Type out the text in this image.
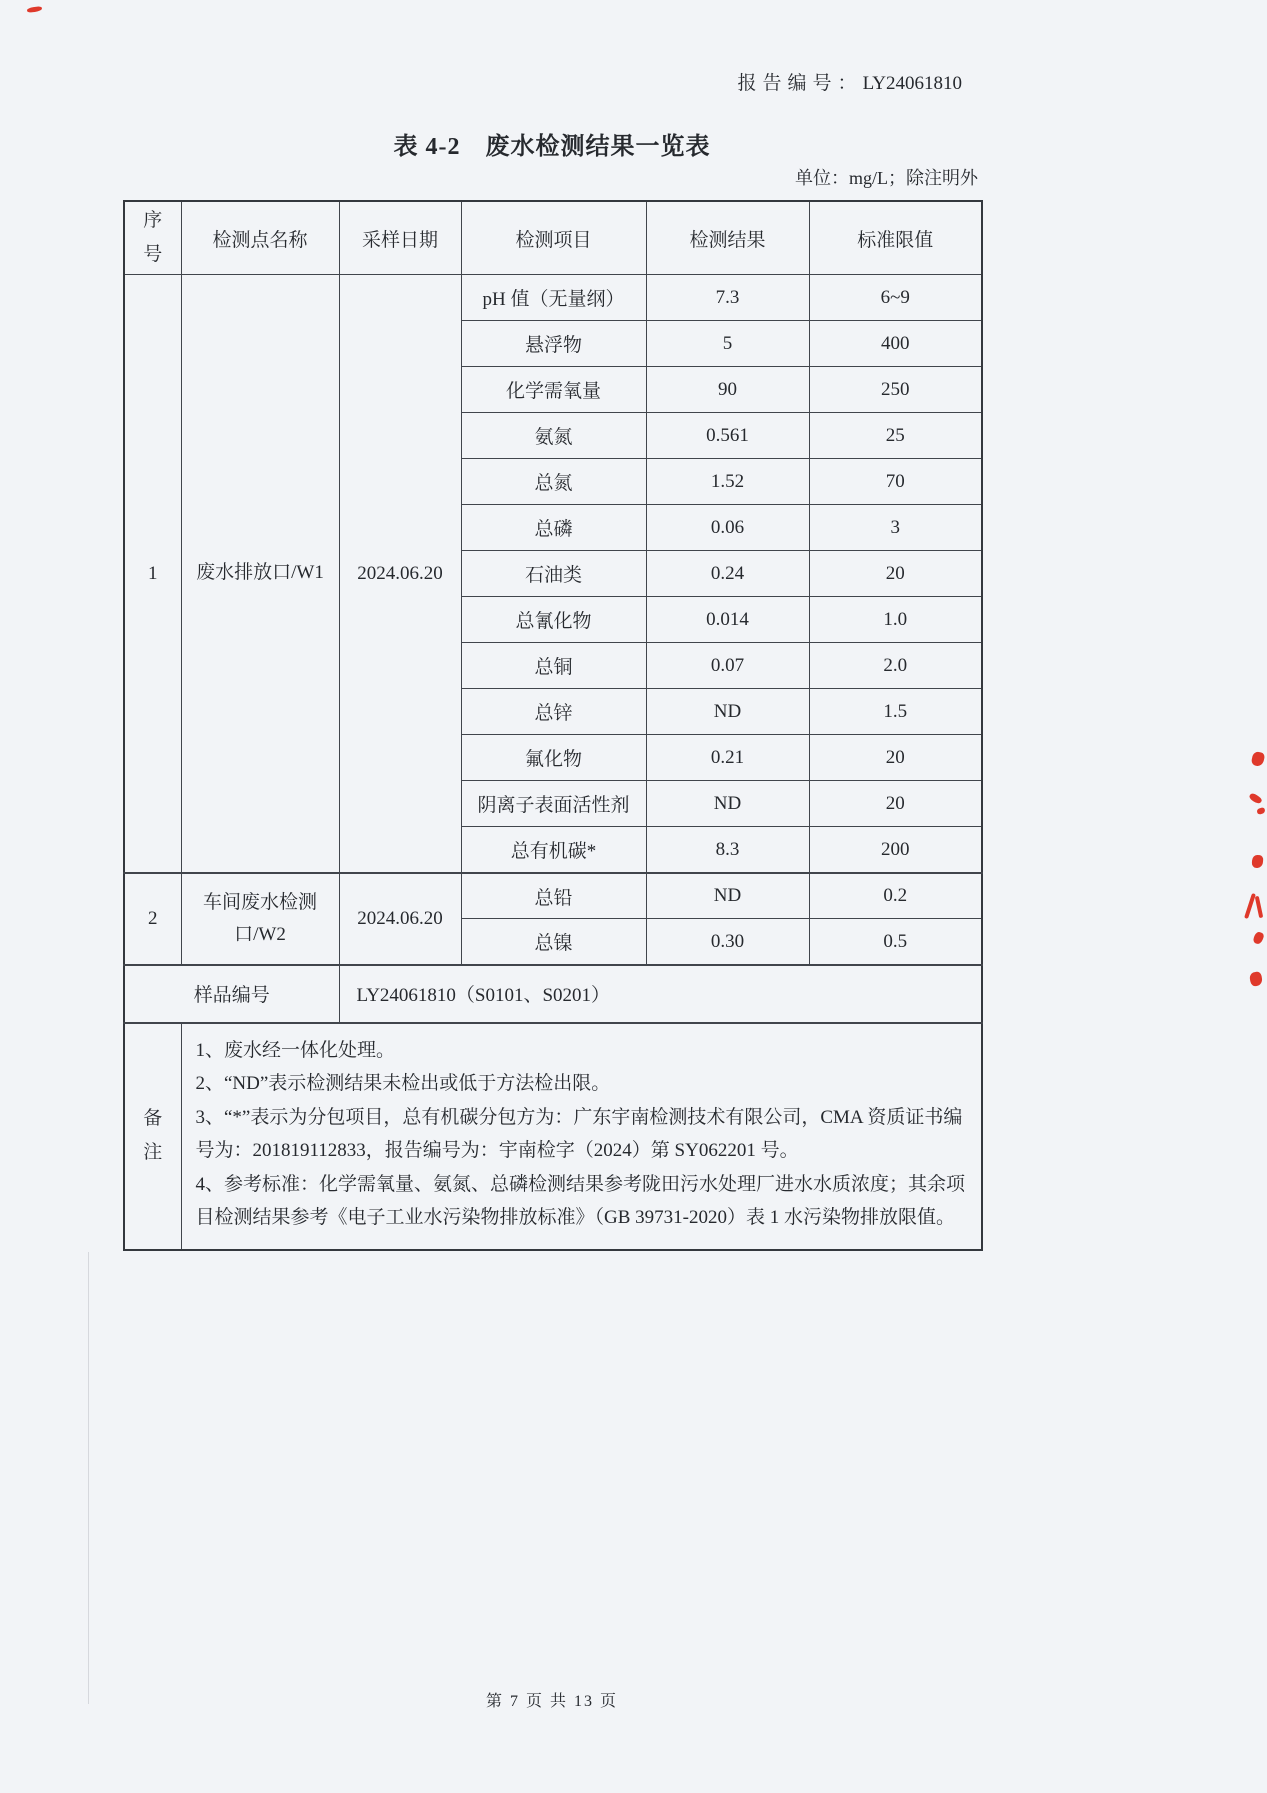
报告编号：LY24061810
表 4-2　废水检测结果一览表
单位：mg/L；除注明外
序号	检测点名称	采样日期	检测项目	检测结果	标准限值
1	废水排放口/W1	2024.06.20	pH 值（无量纲）	7.3	6~9
			悬浮物	5	400
			化学需氧量	90	250
			氨氮	0.561	25
			总氮	1.52	70
			总磷	0.06	3
			石油类	0.24	20
			总氰化物	0.014	1.0
			总铜	0.07	2.0
			总锌	ND	1.5
			氟化物	0.21	20
			阴离子表面活性剂	ND	20
			总有机碳*	8.3	200
2	车间废水检测口/W2	2024.06.20	总铅	ND	0.2
			总镍	0.30	0.5
样品编号		LY24061810（S0101、S0201）			
备注	1、废水经一体化处理。

2、“ND”表示检测结果未检出或低于方法检出限。

3、“*”表示为分包项目，总有机碳分包方为：广东宇南检测技术有限公司，CMA 资质证书编号为：201819112833，报告编号为：宇南检字（2024）第 SY062201 号。

4、参考标准：化学需氧量、氨氮、总磷检测结果参考陇田污水处理厂进水水质浓度；其余项目检测结果参考《电子工业水污染物排放标准》（GB 39731-2020）表 1 水污染物排放限值。				

第 7 页 共 13 页
